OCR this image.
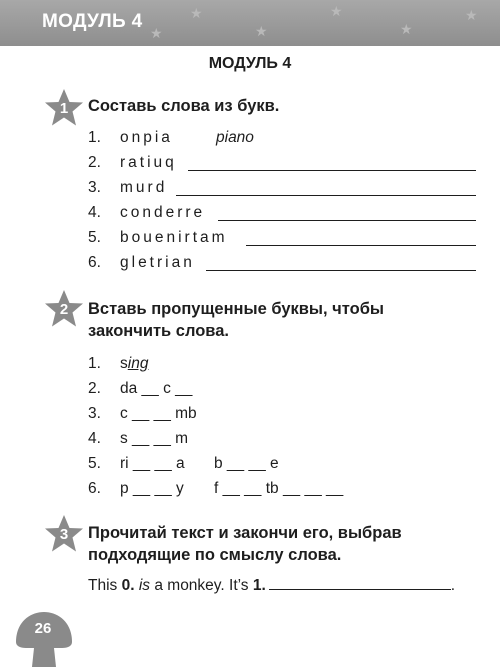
★
★
★
★
★
★
МОДУЛЬ 4
МОДУЛЬ 4
1	Составь слова из букв.
1. onpia	piano
2. ratiuq
3. murd
4. conderre
5. bouenirtam
6. gletrian
2	Вставь пропущенные буквы, чтобы
закончить слова.
1. sing
2. da __ c __
3. c __ __ mb
4. s __ __ m
5. ri __ __ a b __ __ e
6. p __ __ y f __ __ tb __ __ __
3	Прочитай текст и закончи его, выбрав
подходящие по смыслу слова.
This 0. is a monkey. It’s 1.	.
26
